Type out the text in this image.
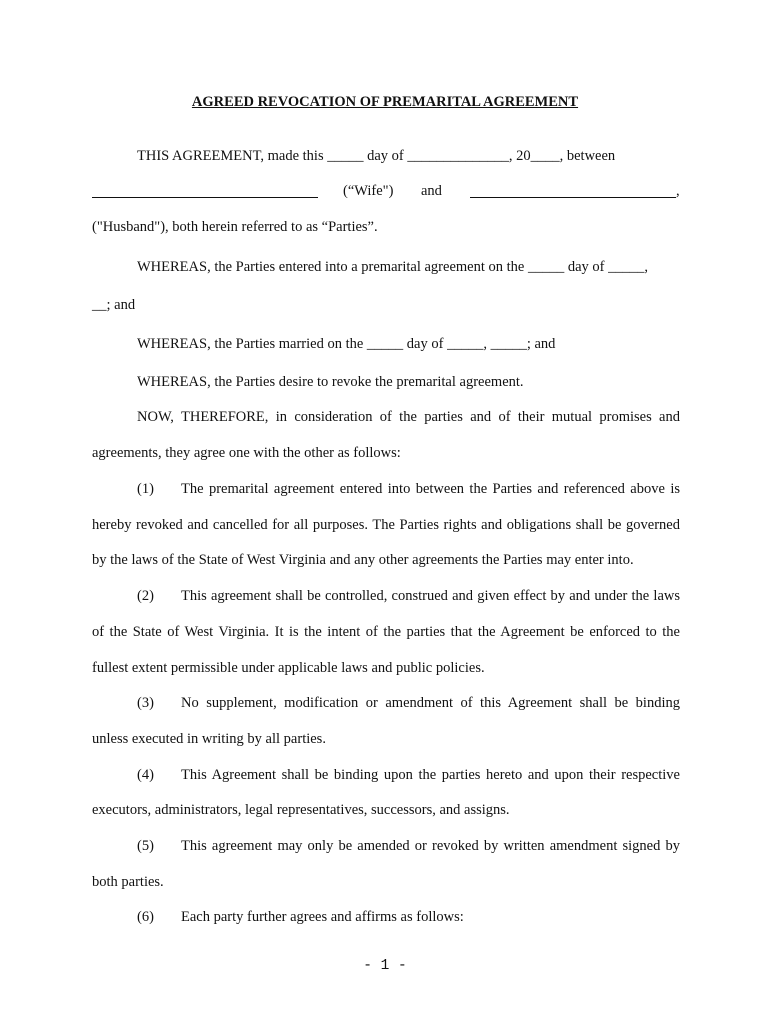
AGREED REVOCATION OF PREMARITAL AGREEMENT
THIS AGREEMENT, made this _____ day of ______________, 20____, between
(“Wife") and	,
("Husband"), both herein referred to as “Parties”.
WHEREAS, the Parties entered into a premarital agreement on the _____ day of _____,
__; and
WHEREAS, the Parties married on the _____ day of _____, _____; and
WHEREAS, the Parties desire to revoke the premarital agreement.
NOW, THEREFORE, in consideration of the parties and of their mutual promises and
agreements, they agree one with the other as follows:
(1) The premarital agreement entered into between the Parties and referenced above is
hereby revoked and cancelled for all purposes. The Parties rights and obligations shall be governed
by the laws of the State of West Virginia and any other agreements the Parties may enter into.
(2) This agreement shall be controlled, construed and given effect by and under the laws
of the State of West Virginia. It is the intent of the parties that the Agreement be enforced to the
fullest extent permissible under applicable laws and public policies.
(3) No supplement, modification or amendment of this Agreement shall be binding
unless executed in writing by all parties.
(4) This Agreement shall be binding upon the parties hereto and upon their respective
executors, administrators, legal representatives, successors, and assigns.
(5) This agreement may only be amended or revoked by written amendment signed by
both parties.
(6) Each party further agrees and affirms as follows:
- 1 -
